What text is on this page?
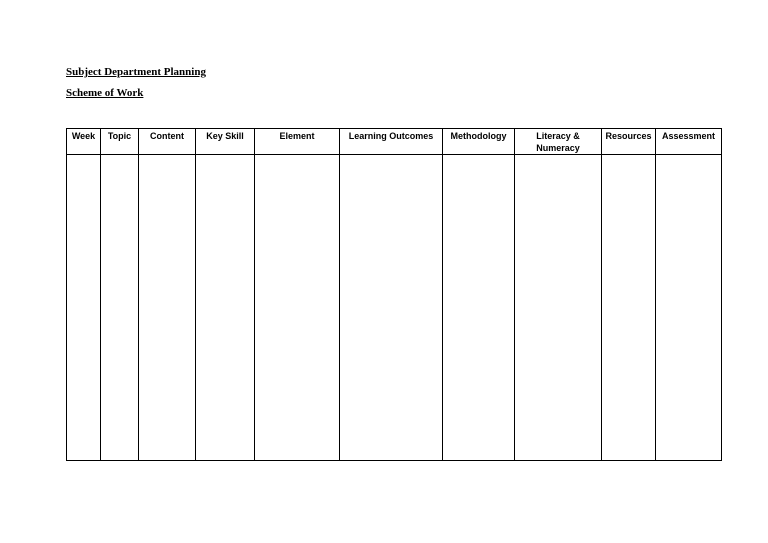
Subject Department Planning
Scheme of Work
Week	Topic	Content	Key Skill	Element	Learning Outcomes	Methodology	Literacy & Numeracy	Resources	Assessment
